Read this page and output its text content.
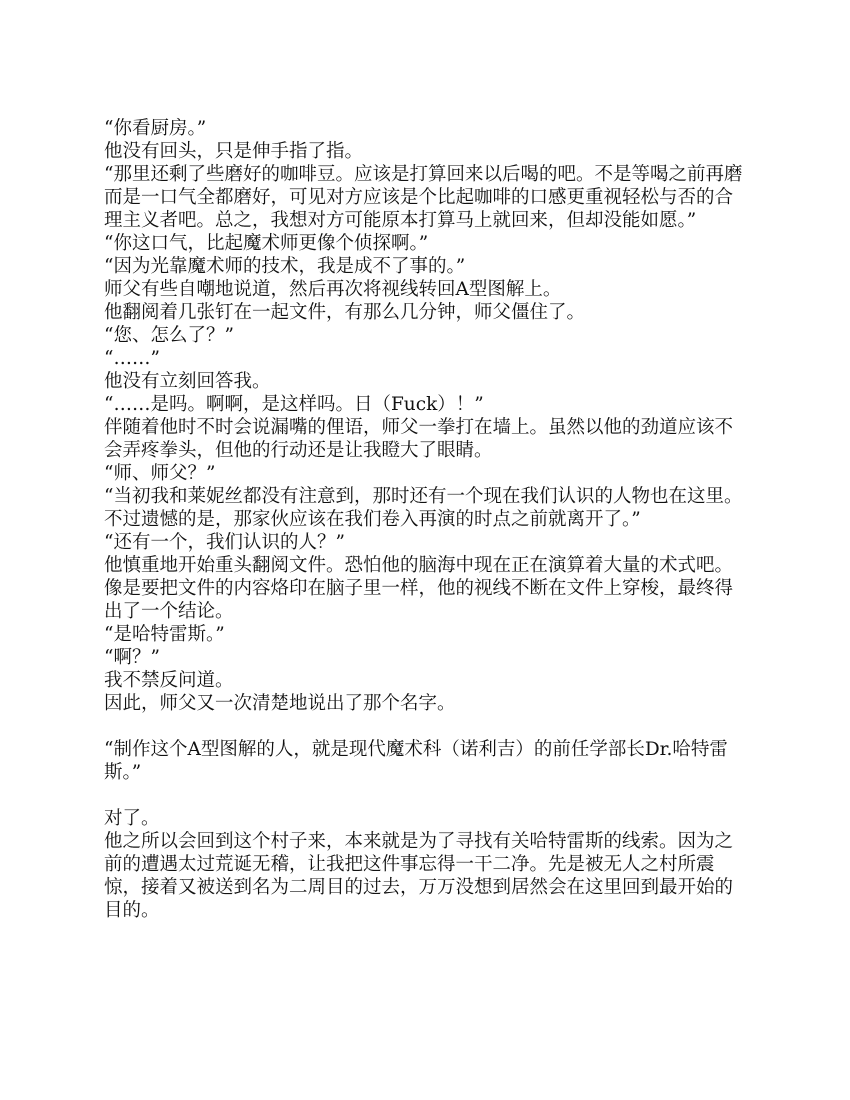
“你看厨房。”

他没有回头，只是伸手指了指。

“那里还剩了些磨好的咖啡豆。应该是打算回来以后喝的吧。不是等喝之前再磨而是一口气全都磨好，可见对方应该是个比起咖啡的口感更重视轻松与否的合理主义者吧。总之，我想对方可能原本打算马上就回来，但却没能如愿。”

“你这口气，比起魔术师更像个侦探啊。”

“因为光靠魔术师的技术，我是成不了事的。”

师父有些自嘲地说道，然后再次将视线转回A型图解上。

他翻阅着几张钉在一起文件，有那么几分钟，师父僵住了。

“您、怎么了？”

“……”

他没有立刻回答我。

“……是吗。啊啊，是这样吗。日（Fuck）！”

伴随着他时不时会说漏嘴的俚语，师父一拳打在墙上。虽然以他的劲道应该不会弄疼拳头，但他的行动还是让我瞪大了眼睛。

“师、师父？”

“当初我和莱妮丝都没有注意到，那时还有一个现在我们认识的人物也在这里。不过遗憾的是，那家伙应该在我们卷入再演的时点之前就离开了。”

“还有一个，我们认识的人？”

他慎重地开始重头翻阅文件。恐怕他的脑海中现在正在演算着大量的术式吧。像是要把文件的内容烙印在脑子里一样，他的视线不断在文件上穿梭，最终得出了一个结论。

“是哈特雷斯。”

“啊？”

我不禁反问道。

因此，师父又一次清楚地说出了那个名字。

“制作这个A型图解的人，就是现代魔术科（诺利吉）的前任学部长Dr.哈特雷斯。”

对了。

他之所以会回到这个村子来，本来就是为了寻找有关哈特雷斯的线索。因为之前的遭遇太过荒诞无稽，让我把这件事忘得一干二净。先是被无人之村所震惊，接着又被送到名为二周目的过去，万万没想到居然会在这里回到最开始的目的。
